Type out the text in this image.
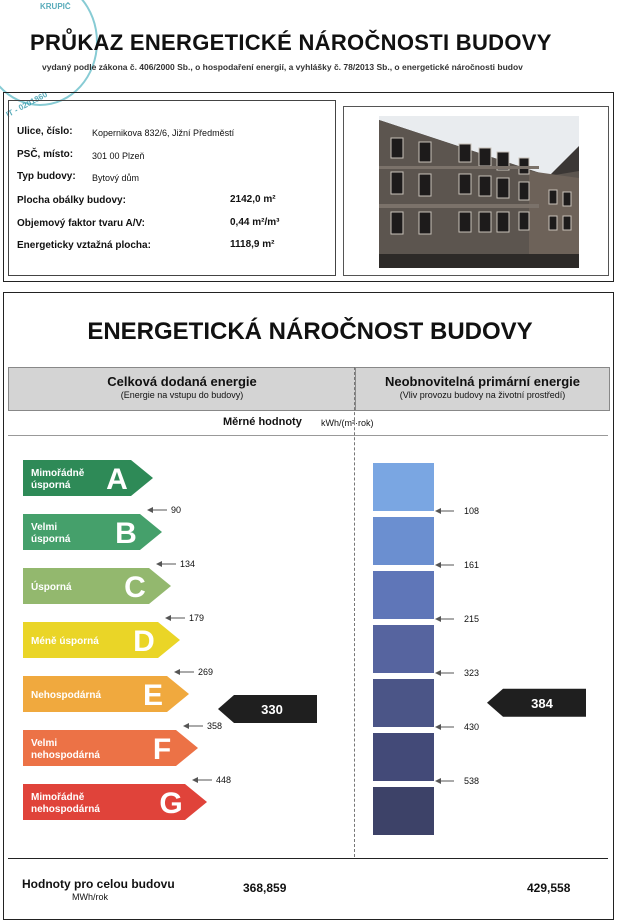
KRUPIČ
IT - 0201860
PRŮKAZ ENERGETICKÉ NÁROČNOSTI BUDOVY
vydaný podle zákona č. 406/2000 Sb., o hospodaření energií, a vyhlášky č. 78/2013 Sb., o energetické náročnosti budov
Ulice, číslo: Kopernikova 832/6, Jižní Předměstí
PSČ, místo: 301 00 Plzeň
Typ budovy: Bytový dům
Plocha obálky budovy:	2142,0 m²
Objemový faktor tvaru A/V:	0,44 m²/m³
Energeticky vztažná plocha:	1118,9 m²
ENERGETICKÁ NÁROČNOST BUDOVY
Celková dodaná energie
(Energie na vstupu do budovy)
Neobnovitelná primární energie
(Vliv provozu budovy na životní prostředí)
Měrné hodnoty kWh/(m²·rok)
Mimořádně
úsporná A
Velmi
úsporná B
Úsporná C
Méně úsporná D
Nehospodárná E
Velmi
nehospodárná F
Mimořádně
nehospodárná G
90
134
179
269
358
448
108
161
215
323
430
538
330	384
Hodnoty pro celou budovu
MWh/rok
368,859	429,558
